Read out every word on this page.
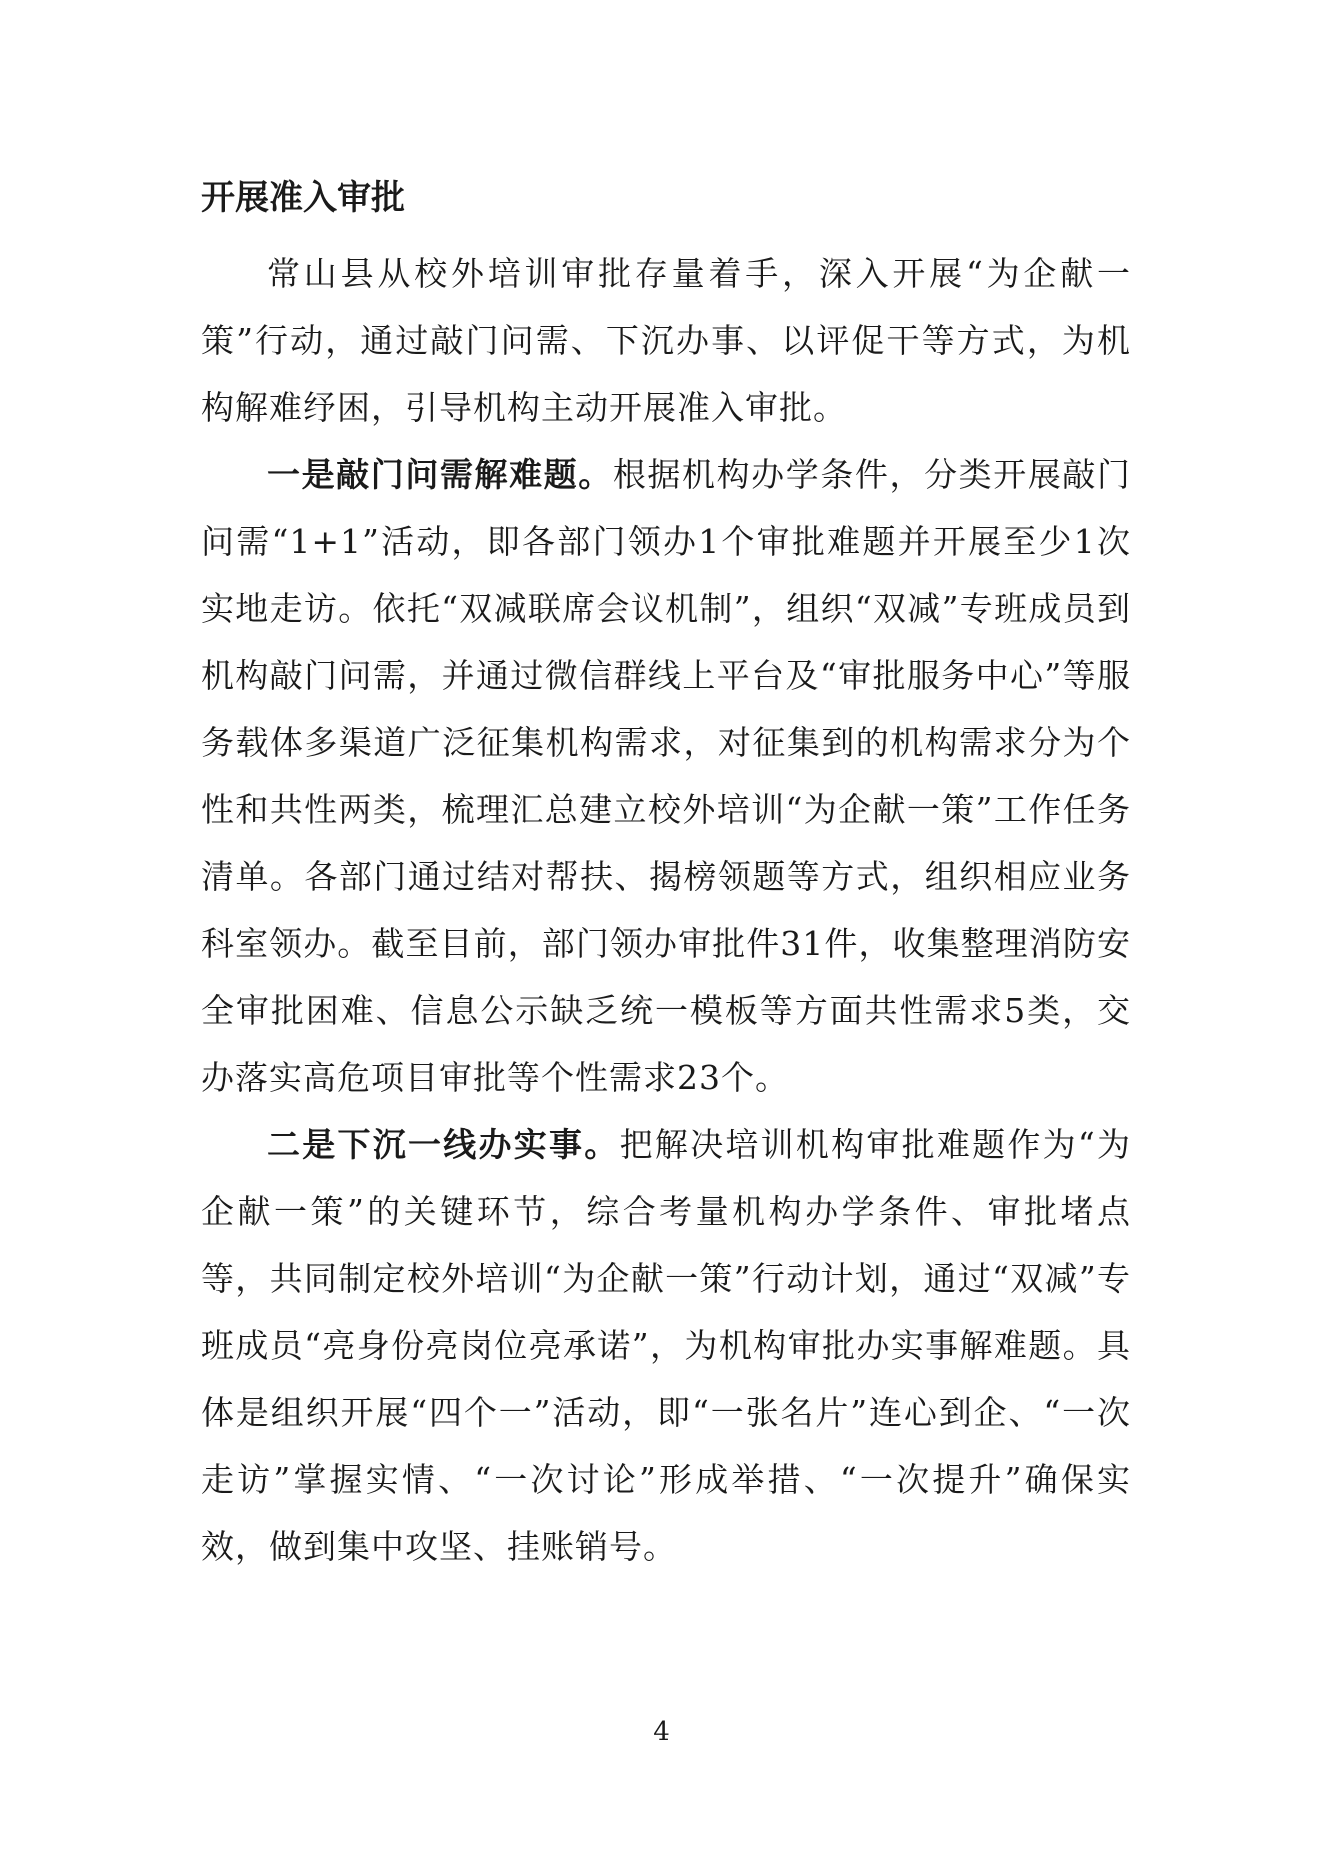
开展准入审批

常山县从校外培训审批存量着手，深入开展“为企献一策”行动，通过敲门问需、下沉办事、以评促干等方式，为机构解难纾困，引导机构主动开展准入审批。

一是敲门问需解难题。根据机构办学条件，分类开展敲门问需“1+1”活动，即各部门领办1个审批难题并开展至少1次实地走访。依托“双减联席会议机制”，组织“双减”专班成员到机构敲门问需，并通过微信群线上平台及“审批服务中心”等服务载体多渠道广泛征集机构需求，对征集到的机构需求分为个性和共性两类，梳理汇总建立校外培训“为企献一策”工作任务清单。各部门通过结对帮扶、揭榜领题等方式，组织相应业务科室领办。截至目前，部门领办审批件31件，收集整理消防安全审批困难、信息公示缺乏统一模板等方面共性需求5类，交办落实高危项目审批等个性需求23个。

二是下沉一线办实事。把解决培训机构审批难题作为“为企献一策”的关键环节，综合考量机构办学条件、审批堵点等，共同制定校外培训“为企献一策”行动计划，通过“双减”专班成员“亮身份亮岗位亮承诺”，为机构审批办实事解难题。具体是组织开展“四个一”活动，即“一张名片”连心到企、“一次走访”掌握实情、“一次讨论”形成举措、“一次提升”确保实效，做到集中攻坚、挂账销号。

4
